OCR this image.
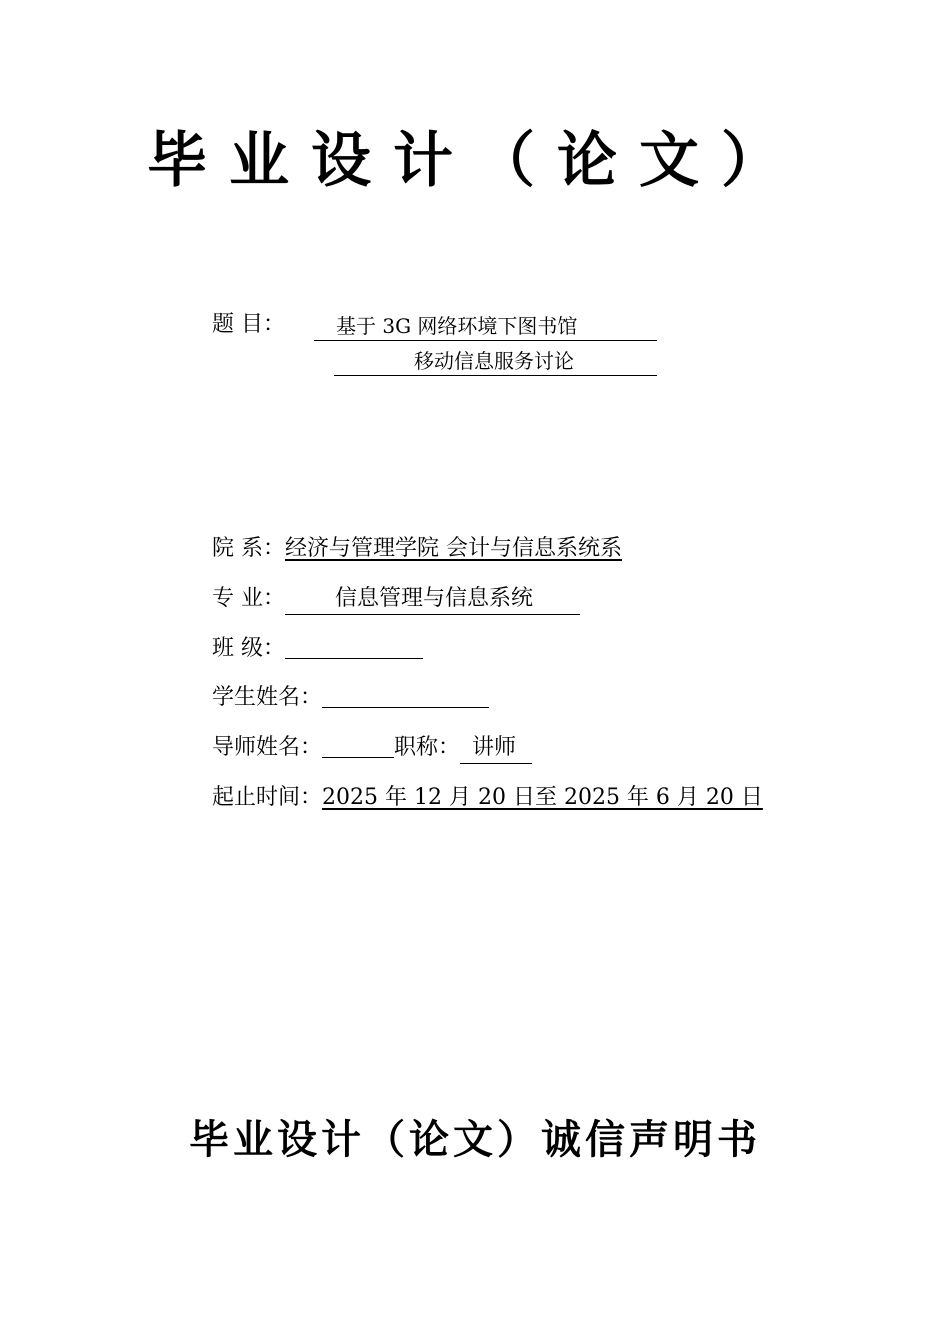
毕业设计（论文）
题 目：	基于 3G 网络环境下图书馆
移动信息服务讨论
院 系：经济与管理学院 会计与信息系统系
专 业： 信息管理与信息系统
班 级：
学生姓名：
导师姓名：	职称： 讲师
起止时间：2025 年 12 月 20 日至 2025 年 6 月 20 日
毕业设计（论文）诚信声明书
